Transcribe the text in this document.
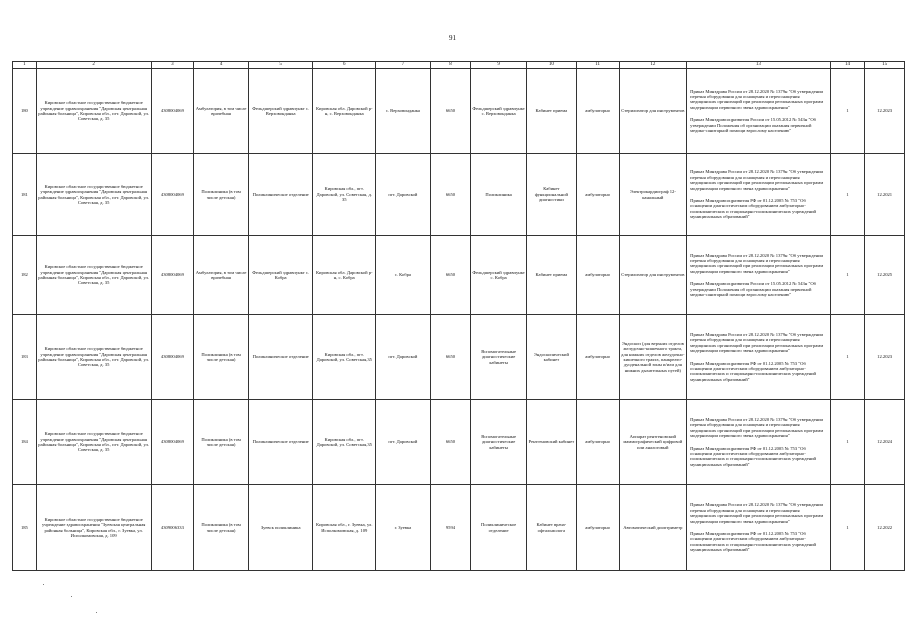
91
1	2	3	4	5	6	7	8	9	10	11	12	13	14	15
180	Кировское областное государственное бюджетное учреждение здравоохранения "Даровская центральная районная больница", Кировская обл., пгт. Даровской, ул. Советская, д. 35	4308004069	Амбулатория, в том числе врачебная	Фельдшерский здравпункт с. Верховонданка	Кировская обл. Даровской р-н, с. Верховонданка	с. Верховонданка	6650	Фельдшерский здравпункт с. Верховонданка	Кабинет приема	амбулаторно	Стерилизатор для инструментов	Приказ Минздрава России от 28.12.2020 № 1379н "Об утверждении перечня оборудования для оснащения и переоснащения медицинских организаций при реализации региональных программ модернизации первичного звена здравоохранения"

Приказ Минздравсоцразвития России от 15.05.2012 № 543н "Об утверждении Положения об организации оказания первичной медико-санитарной помощи взрослому населению"	1	12.2023
181	Кировское областное государственное бюджетное учреждение здравоохранения "Даровская центральная районная больница", Кировская обл., пгт. Даровской, ул. Советская, д. 35	4308004069	Поликлиника (в том числе детская)	Поликлиническое отделение	Кировская обл., пгт. Даровской, ул. Советская, д. 35	пгт. Даровской	6650	Поликлиника	Кабинет функциональной диагностики	амбулаторно	Электрокардиограф 12-канальный	Приказ Минздрава России от 28.12.2020 № 1379н "Об утверждении перечня оборудования для оснащения и переоснащения медицинских организаций при реализации региональных программ модернизации первичного звена здравоохранения"

Приказ Минздравсоцразвития РФ от 01.12.2005 № 753 "Об оснащении диагностическим оборудованием амбулаторно-поликлинических и стационарно-поликлинических учреждений муниципальных образований"	1	12.2021
182	Кировское областное государственное бюджетное учреждение здравоохранения "Даровская центральная районная больница", Кировская обл., пгт. Даровской, ул. Советская, д. 35	4308004069	Амбулатория, в том числе врачебная	Фельдшерский здравпункт с. Кобра	Кировская обл. Даровской р-н, с. Кобра	с. Кобра	6650	Фельдшерский здравпункт с. Кобра	Кабинет приема	амбулаторно	Стерилизатор для инструментов	Приказ Минздрава России от 28.12.2020 № 1379н "Об утверждении перечня оборудования для оснащения и переоснащения медицинских организаций при реализации региональных программ модернизации первичного звена здравоохранения"

Приказ Минздравсоцразвития России от 15.05.2012 № 543н "Об утверждении Положения об организации оказания первичной медико-санитарной помощи взрослому населению"	1	12.2025
183	Кировское областное государственное бюджетное учреждение здравоохранения "Даровская центральная районная больница", Кировская обл., пгт. Даровской, ул. Советская, д. 35	4308004069	Поликлиника (в том числе детская)	Поликлиническое отделение	Кировская обл., пгт. Даровской, ул. Советская,35	пгт. Даровской	6650	Вспомогательные диагностические кабинеты	Эндоскопический кабинет	амбулаторно	Эндоскоп (для верхних отделов желудочно-кишечного тракта, для нижних отделов желудочно-кишечного тракта, панкреато-дуоденальной зоны и/или для нижних дыхательных путей)	Приказ Минздрава России от 28.12.2020 № 1379н "Об утверждении перечня оборудования для оснащения и переоснащения медицинских организаций при реализации региональных программ модернизации первичного звена здравоохранения"

Приказ Минздравсоцразвития РФ от 01.12.2005 № 753 "Об оснащении диагностическим оборудованием амбулаторно-поликлинических и стационарно-поликлинических учреждений муниципальных образований"	1	12.2023
184	Кировское областное государственное бюджетное учреждение здравоохранения "Даровская центральная районная больница", Кировская обл., пгт. Даровской, ул. Советская, д. 35	4308004069	Поликлиника (в том числе детская)	Поликлиническое отделение	Кировская обл., пгт. Даровской, ул. Советская,35	пгт. Даровской	6650	Вспомогательные диагностические кабинеты	Рентгеновский кабинет	амбулаторно	Аппарат рентгеновский маммографический цифровой или аналоговый	Приказ Минздрава России от 28.12.2020 № 1379н "Об утверждении перечня оборудования для оснащения и переоснащения медицинских организаций при реализации региональных программ модернизации первичного звена здравоохранения"

Приказ Минздравсоцразвития РФ от 01.12.2005 № 753 "Об оснащении диагностическим оборудованием амбулаторно-поликлинических и стационарно-поликлинических учреждений муниципальных образований"	1	12.2024
185	Кировское областное государственное бюджетное учреждение здравоохранения "Зуевская центральная районная больница", Кировская обл., г. Зуевка, ул. Исполкомовская, д. 109	4309006333	Поликлиника (в том числе детская)	Зуевск поликлиника	Кировская обл., г. Зуевка, ул. Исполкомовская, д. 109	г. Зуевка	9594	Поликлиническое отделение	Кабинет врача-офтальмолога	амбулаторно	Автоматический диоптриметр	Приказ Минздрава России от 28.12.2020 № 1379н "Об утверждении перечня оборудования для оснащения и переоснащения медицинских организаций при реализации региональных программ модернизации первичного звена здравоохранения"

Приказ Минздравсоцразвития РФ от 01.12.2005 № 753 "Об оснащении диагностическим оборудованием амбулаторно-поликлинических и стационарно-поликлинических учреждений муниципальных образований"	1	12.2022
